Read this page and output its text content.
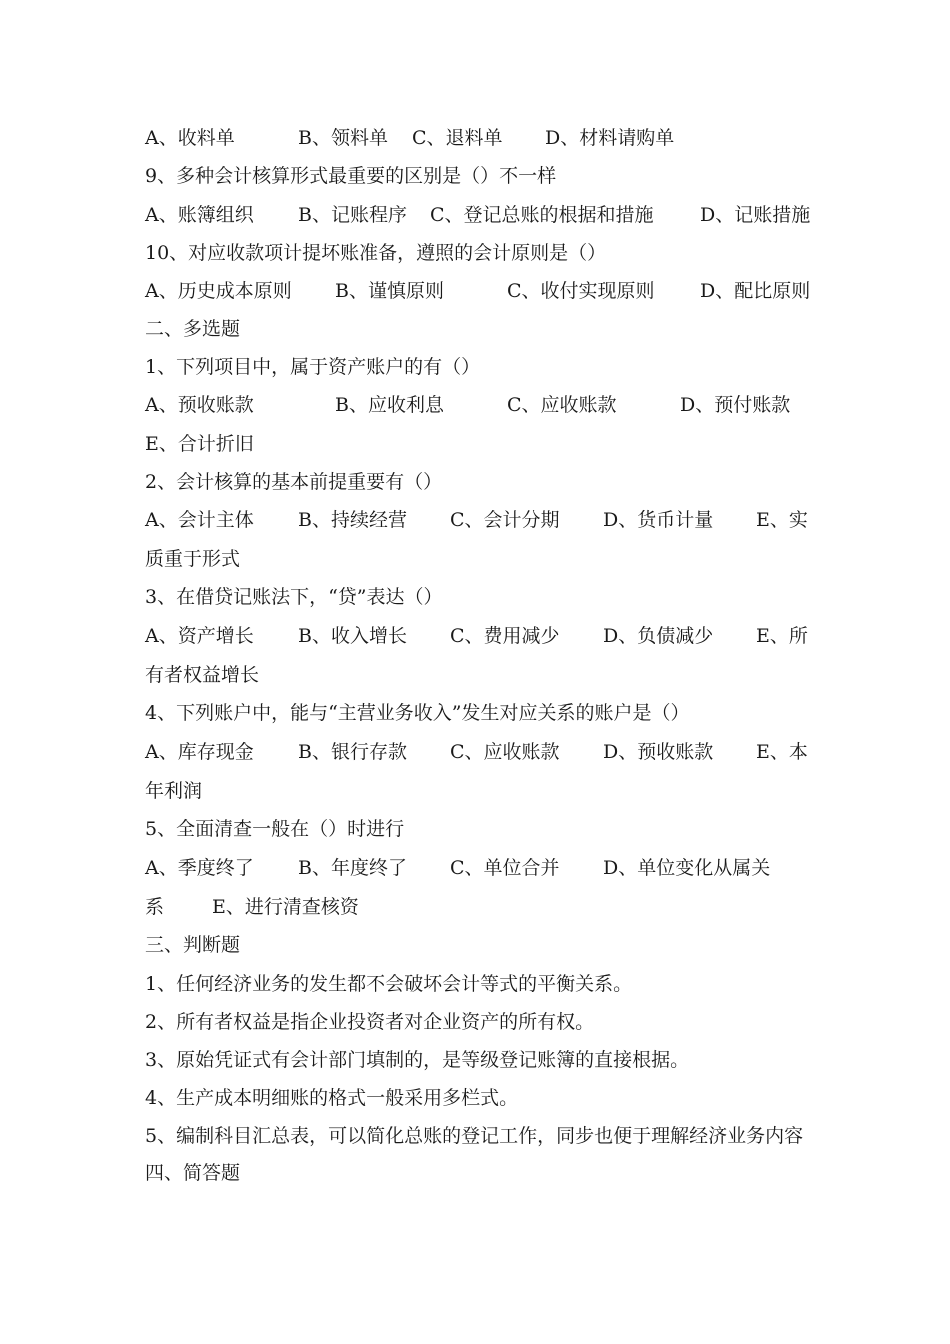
A、收料单	B、领料单 C、退料单 D、材料请购单
9、多种会计核算形式最重要的区别是（）不一样
A、账簿组织 B、记账程序 C、登记总账的根据和措施 D、记账措施
10、对应收款项计提坏账准备，遵照的会计原则是（）
A、历史成本原则 B、谨慎原则	C、收付实现原则 D、配比原则
二、多选题
1、下列项目中，属于资产账户的有（）
A、预收账款	B、应收利息	C、应收账款	D、预付账款
E、合计折旧
2、会计核算的基本前提重要有（）
A、会计主体 B、持续经营 C、会计分期 D、货币计量 E、实
质重于形式
3、在借贷记账法下，“贷”表达（）
A、资产增长 B、收入增长 C、费用减少 D、负债减少 E、所
有者权益增长
4、下列账户中，能与“主营业务收入”发生对应关系的账户是（）
A、库存现金 B、银行存款 C、应收账款 D、预收账款 E、本
年利润
5、全面清查一般在（）时进行
A、季度终了 B、年度终了 C、单位合并 D、单位变化从属关
系	E、进行清查核资
三、判断题
1、任何经济业务的发生都不会破坏会计等式的平衡关系。
2、所有者权益是指企业投资者对企业资产的所有权。
3、原始凭证式有会计部门填制的，是等级登记账簿的直接根据。
4、生产成本明细账的格式一般采用多栏式。
5、编制科目汇总表，可以简化总账的登记工作，同步也便于理解经济业务内容
四、简答题
